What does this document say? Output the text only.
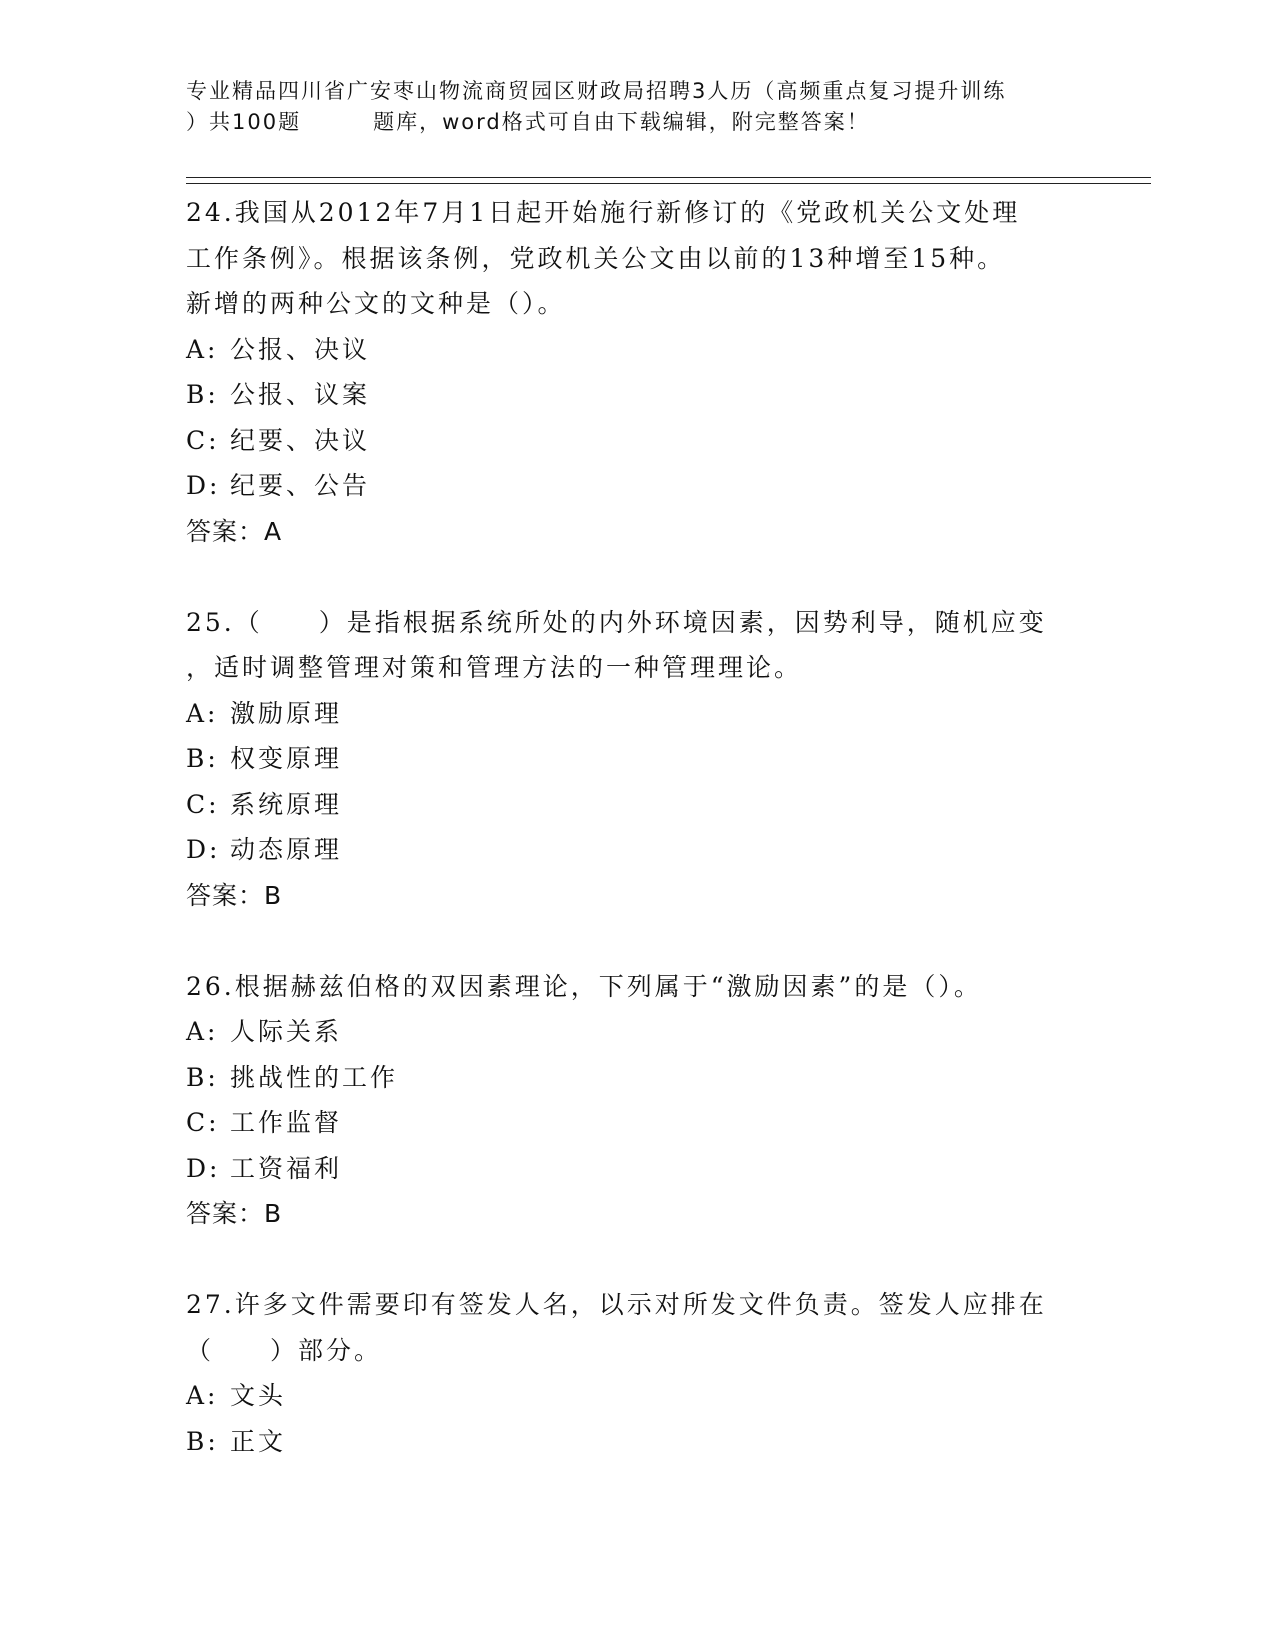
专业精品四川省广安枣山物流商贸园区财政局招聘3人历（高频重点复习提升训练
）共100题	题库，word格式可自由下载编辑，附完整答案！

24.我国从2012年7月1日起开始施行新修订的《党政机关公文处理

工作条例》。根据该条例，党政机关公文由以前的13种增至15种。

新增的两种公文的文种是（）。

A: 公报、决议

B: 公报、议案

C: 纪要、决议

D: 纪要、公告

答案：A

25.（　　）是指根据系统所处的内外环境因素，因势利导，随机应变

，适时调整管理对策和管理方法的一种管理理论。

A: 激励原理

B: 权变原理

C: 系统原理

D: 动态原理

答案：B

26.根据赫兹伯格的双因素理论，下列属于“激励因素”的是（）。

A: 人际关系

B: 挑战性的工作

C: 工作监督

D: 工资福利

答案：B

27.许多文件需要印有签发人名，以示对所发文件负责。签发人应排在

（　　）部分。

A: 文头

B: 正文
